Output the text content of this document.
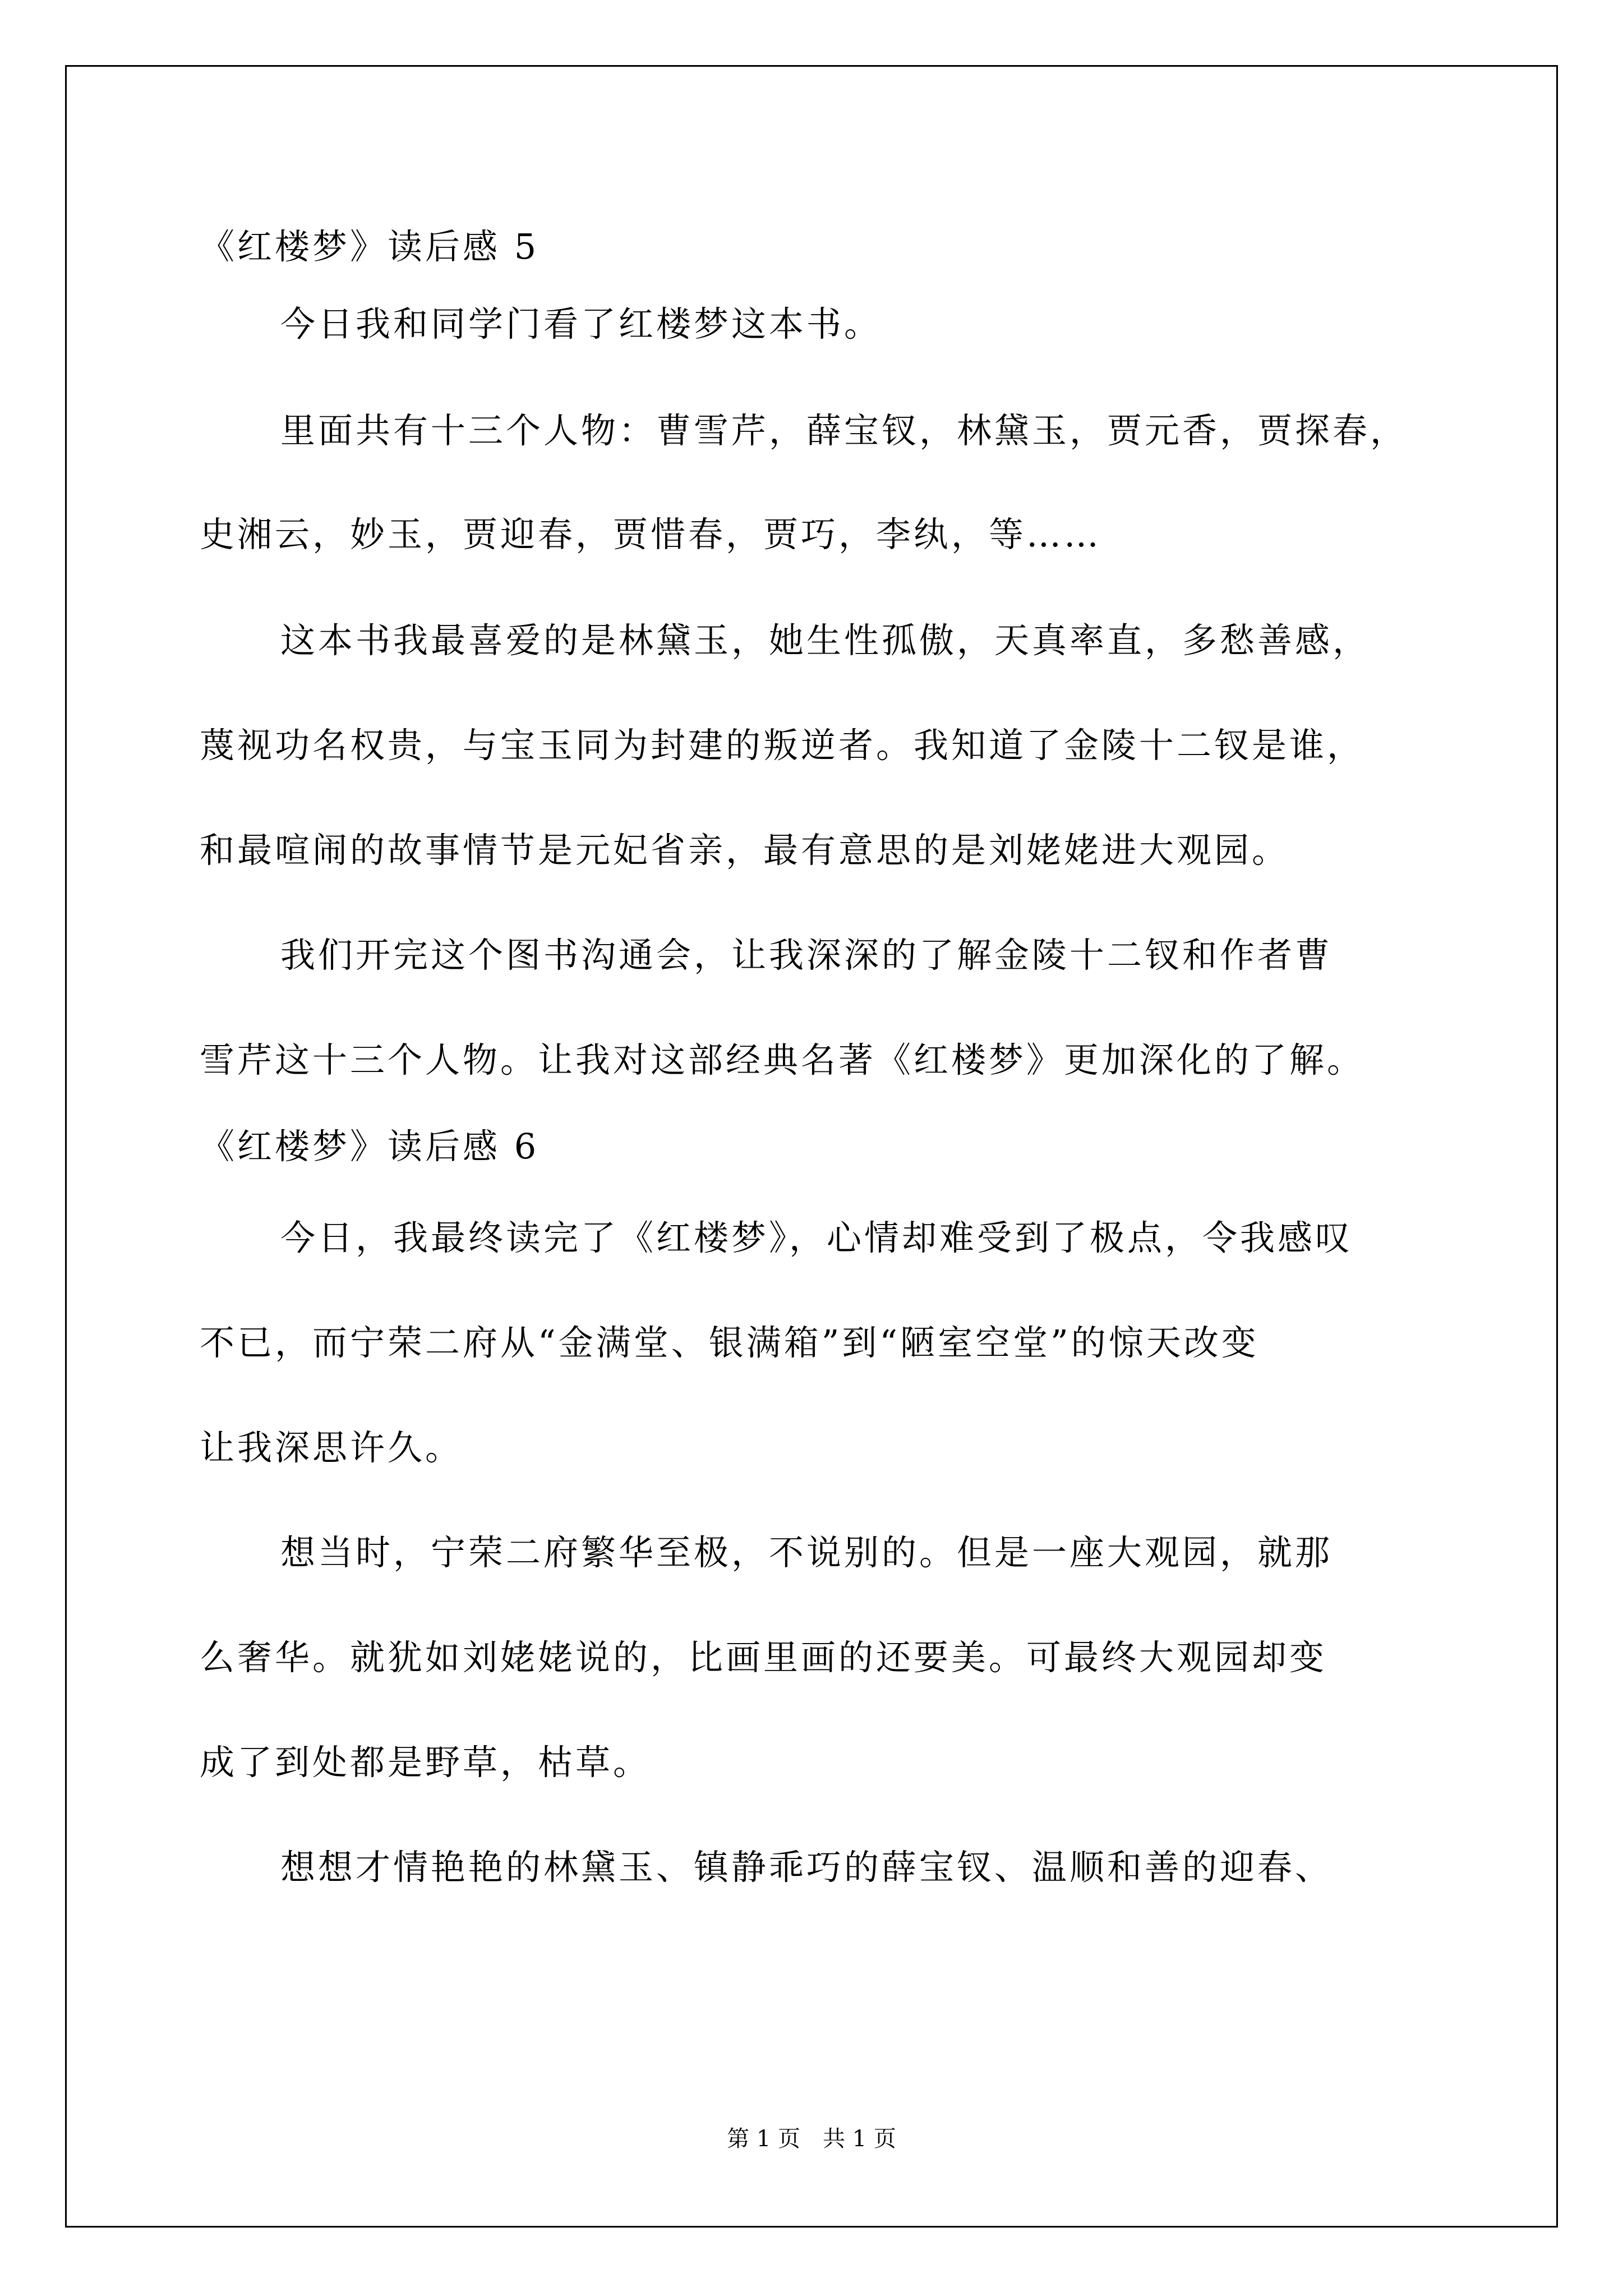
《红楼梦》读后感 5

今日我和同学门看了红楼梦这本书。

里面共有十三个人物：曹雪芹，薛宝钗，林黛玉，贾元香，贾探春，

史湘云，妙玉，贾迎春，贾惜春，贾巧，李纨，等……

这本书我最喜爱的是林黛玉，她生性孤傲，天真率直，多愁善感，

蔑视功名权贵，与宝玉同为封建的叛逆者。我知道了金陵十二钗是谁，

和最喧闹的故事情节是元妃省亲，最有意思的是刘姥姥进大观园。

我们开完这个图书沟通会，让我深深的了解金陵十二钗和作者曹

雪芹这十三个人物。让我对这部经典名著《红楼梦》更加深化的了解。

《红楼梦》读后感 6

今日，我最终读完了《红楼梦》，心情却难受到了极点，令我感叹

不已，而宁荣二府从“金满堂、银满箱”到“陋室空堂”的惊天改变

让我深思许久。

想当时，宁荣二府繁华至极，不说别的。但是一座大观园，就那

么奢华。就犹如刘姥姥说的，比画里画的还要美。可最终大观园却变

成了到处都是野草，枯草。

想想才情艳艳的林黛玉、镇静乖巧的薛宝钗、温顺和善的迎春、

第 1 页　共 1 页
